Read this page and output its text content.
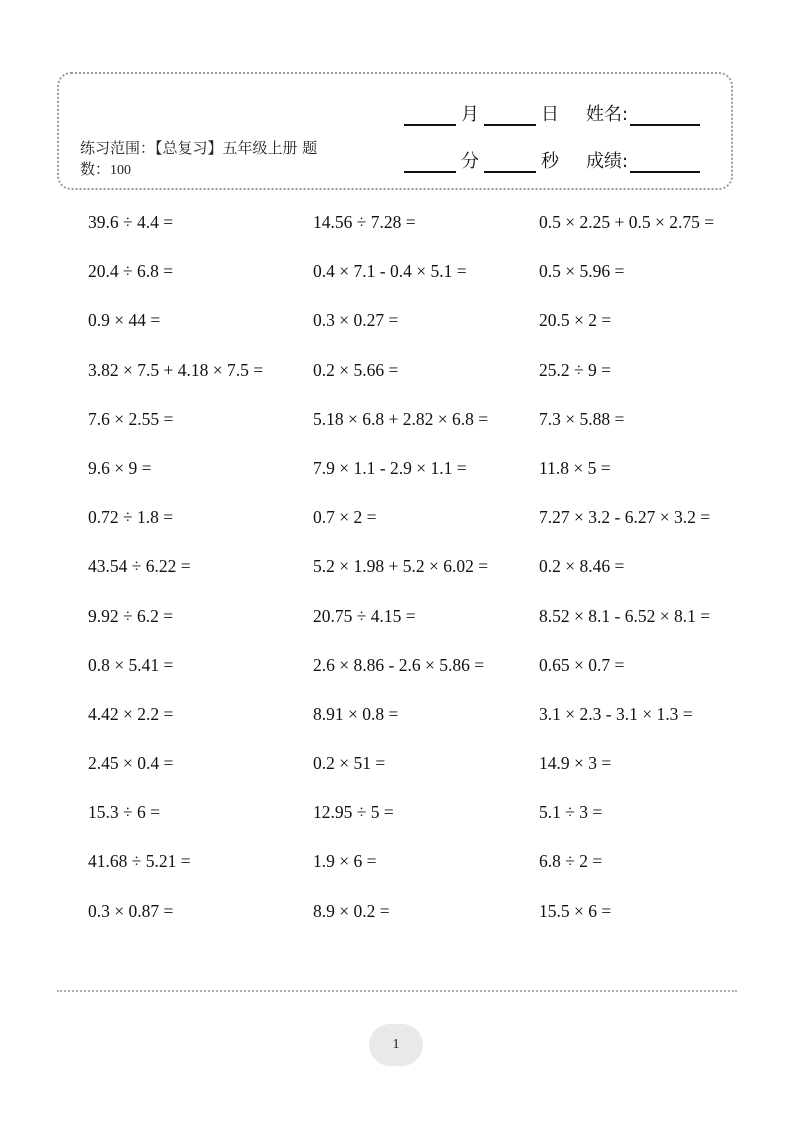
月	日 姓名:
分	秒 成绩:
练习范围：【总复习】五年级上册 题数：100
39.6 ÷ 4.4 =	14.56 ÷ 7.28 =	0.5 × 2.25 + 0.5 × 2.75 =
20.4 ÷ 6.8 =	0.4 × 7.1 - 0.4 × 5.1 =	0.5 × 5.96 =
0.9 × 44 =	0.3 × 0.27 =	20.5 × 2 =
3.82 × 7.5 + 4.18 × 7.5 =	0.2 × 5.66 =	25.2 ÷ 9 =
7.6 × 2.55 =	5.18 × 6.8 + 2.82 × 6.8 =	7.3 × 5.88 =
9.6 × 9 =	7.9 × 1.1 - 2.9 × 1.1 =	11.8 × 5 =
0.72 ÷ 1.8 =	0.7 × 2 =	7.27 × 3.2 - 6.27 × 3.2 =
43.54 ÷ 6.22 =	5.2 × 1.98 + 5.2 × 6.02 =	0.2 × 8.46 =
9.92 ÷ 6.2 =	20.75 ÷ 4.15 =	8.52 × 8.1 - 6.52 × 8.1 =
0.8 × 5.41 =	2.6 × 8.86 - 2.6 × 5.86 =	0.65 × 0.7 =
4.42 × 2.2 =	8.91 × 0.8 =	3.1 × 2.3 - 3.1 × 1.3 =
2.45 × 0.4 =	0.2 × 51 =	14.9 × 3 =
15.3 ÷ 6 =	12.95 ÷ 5 =	5.1 ÷ 3 =
41.68 ÷ 5.21 =	1.9 × 6 =	6.8 ÷ 2 =
0.3 × 0.87 =	8.9 × 0.2 =	15.5 × 6 =
1
